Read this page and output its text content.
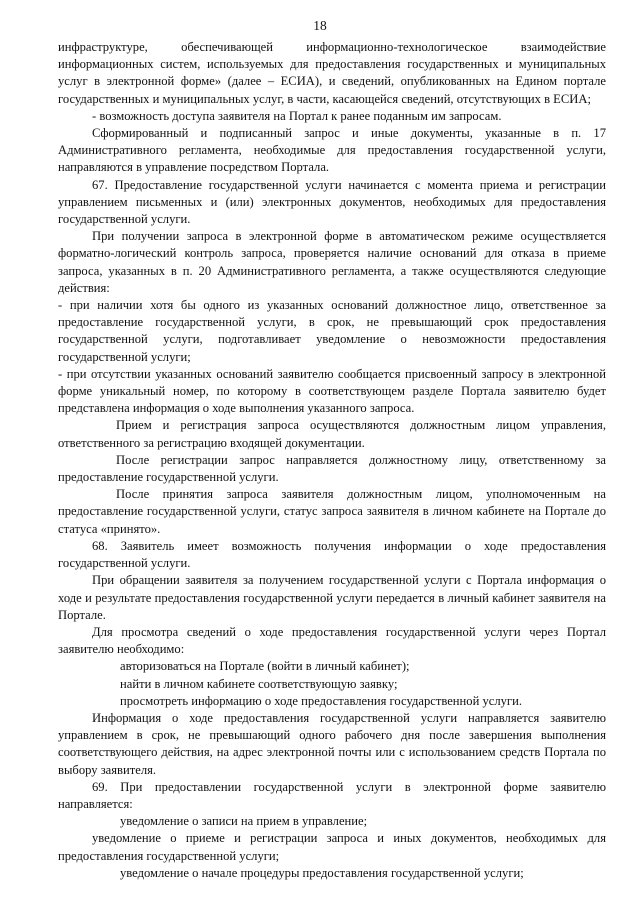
18

инфраструктуре, обеспечивающей информационно-технологическое взаимодействие информационных систем, используемых для предоставления государственных и муниципальных услуг в электронной форме» (далее – ЕСИА), и сведений, опубликованных на Едином портале государственных и муниципальных услуг, в части, касающейся сведений, отсутствующих в ЕСИА;

- возможность доступа заявителя на Портал к ранее поданным им запросам.

Сформированный и подписанный запрос и иные документы, указанные в п. 17 Административного регламента, необходимые для предоставления государственной услуги, направляются в управление посредством Портала.

67. Предоставление государственной услуги начинается с момента приема и регистрации управлением письменных и (или) электронных документов, необходимых для предоставления государственной услуги.

При получении запроса в электронной форме в автоматическом режиме осуществляется форматно-логический контроль запроса, проверяется наличие оснований для отказа в приеме запроса, указанных в п. 20 Административного регламента, а также осуществляются следующие действия:

- при наличии хотя бы одного из указанных оснований должностное лицо, ответственное за предоставление государственной услуги, в срок, не превышающий срок предоставления государственной услуги, подготавливает уведомление о невозможности предоставления государственной услуги;

- при отсутствии указанных оснований заявителю сообщается присвоенный запросу в электронной форме уникальный номер, по которому в соответствующем разделе Портала заявителю будет представлена информация о ходе выполнения указанного запроса.

Прием и регистрация запроса осуществляются должностным лицом управления, ответственного за регистрацию входящей документации.

После регистрации запрос направляется должностному лицу, ответственному за предоставление государственной услуги.

После принятия запроса заявителя должностным лицом, уполномоченным на предоставление государственной услуги, статус запроса заявителя в личном кабинете на Портале до статуса «принято».

68. Заявитель имеет возможность получения информации о ходе предоставления государственной услуги.

При обращении заявителя за получением государственной услуги с Портала информация о ходе и результате предоставления государственной услуги передается в личный кабинет заявителя на Портале.

Для просмотра сведений о ходе предоставления государственной услуги через Портал заявителю необходимо:

авторизоваться на Портале (войти в личный кабинет);

найти в личном кабинете соответствующую заявку;

просмотреть информацию о ходе предоставления государственной услуги.

Информация о ходе предоставления государственной услуги направляется заявителю управлением в срок, не превышающий одного рабочего дня после завершения выполнения соответствующего действия, на адрес электронной почты или с использованием средств Портала по выбору заявителя.

69. При предоставлении государственной услуги в электронной форме заявителю направляется:

уведомление о записи на прием в управление;

уведомление о приеме и регистрации запроса и иных документов, необходимых для предоставления государственной услуги;

уведомление о начале процедуры предоставления государственной услуги;
